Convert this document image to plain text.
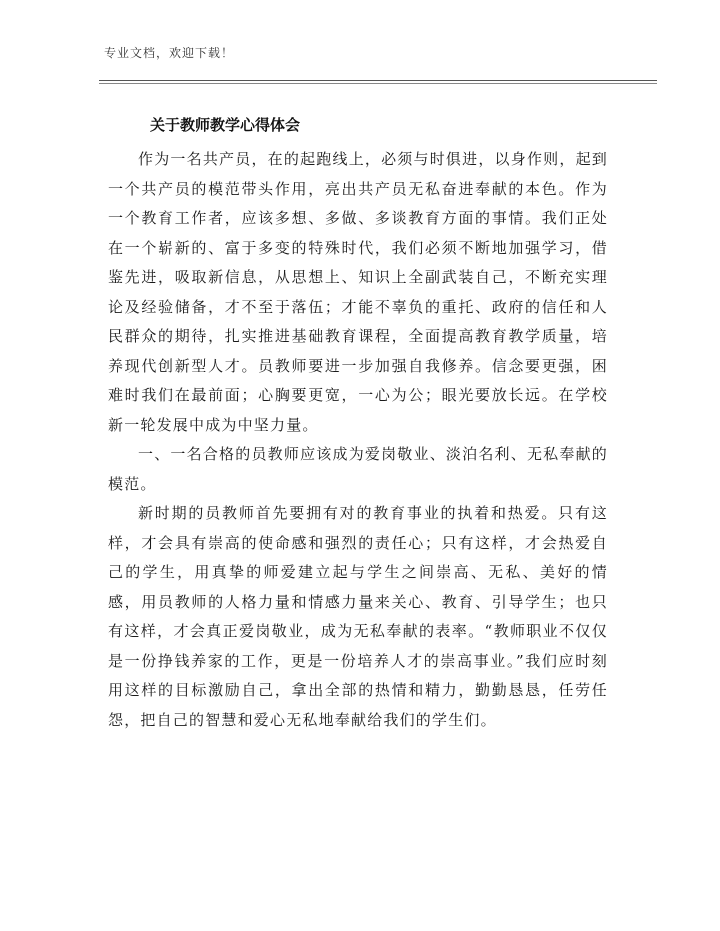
专业文档，欢迎下载！
关于教师教学心得体会

作为一名共产员，在的起跑线上，必须与时俱进，以身作则，起到一个共产员的模范带头作用，亮出共产员无私奋进奉献的本色。作为一个教育工作者，应该多想、多做、多谈教育方面的事情。我们正处在一个崭新的、富于多变的特殊时代，我们必须不断地加强学习，借鉴先进，吸取新信息，从思想上、知识上全副武装自己，不断充实理论及经验储备，才不至于落伍；才能不辜负的重托、政府的信任和人民群众的期待，扎实推进基础教育课程，全面提高教育教学质量，培养现代创新型人才。员教师要进一步加强自我修养。信念要更强，困难时我们在最前面；心胸要更宽，一心为公；眼光要放长远。在学校新一轮发展中成为中坚力量。

一、一名合格的员教师应该成为爱岗敬业、淡泊名利、无私奉献的模范。

新时期的员教师首先要拥有对的教育事业的执着和热爱。只有这样，才会具有崇高的使命感和强烈的责任心；只有这样，才会热爱自己的学生，用真挚的师爱建立起与学生之间崇高、无私、美好的情感，用员教师的人格力量和情感力量来关心、教育、引导学生；也只有这样，才会真正爱岗敬业，成为无私奉献的表率。“教师职业不仅仅是一份挣钱养家的工作，更是一份培养人才的崇高事业。”我们应时刻用这样的目标激励自己，拿出全部的热情和精力，勤勤恳恳，任劳任怨，把自己的智慧和爱心无私地奉献给我们的学生们。
